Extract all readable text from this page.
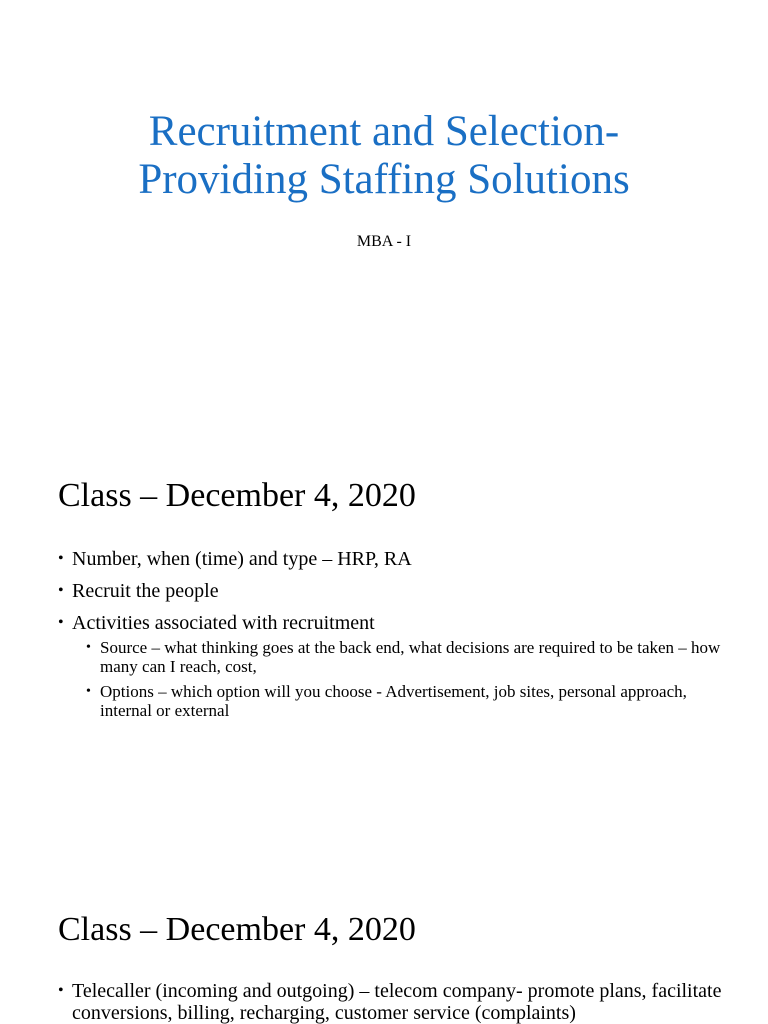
Recruitment and Selection-
Providing Staffing Solutions

MBA - I

Class – December 4, 2020
• Number, when (time) and type – HRP, RA
• Recruit the people
• Activities associated with recruitment
• Source – what thinking goes at the back end, what decisions are required to be taken – how many can I reach, cost,
• Options – which option will you choose - Advertisement, job sites, personal approach, internal or external
Class – December 4, 2020
• Telecaller (incoming and outgoing) – telecom company- promote plans, facilitate conversions, billing, recharging, customer service (complaints)
